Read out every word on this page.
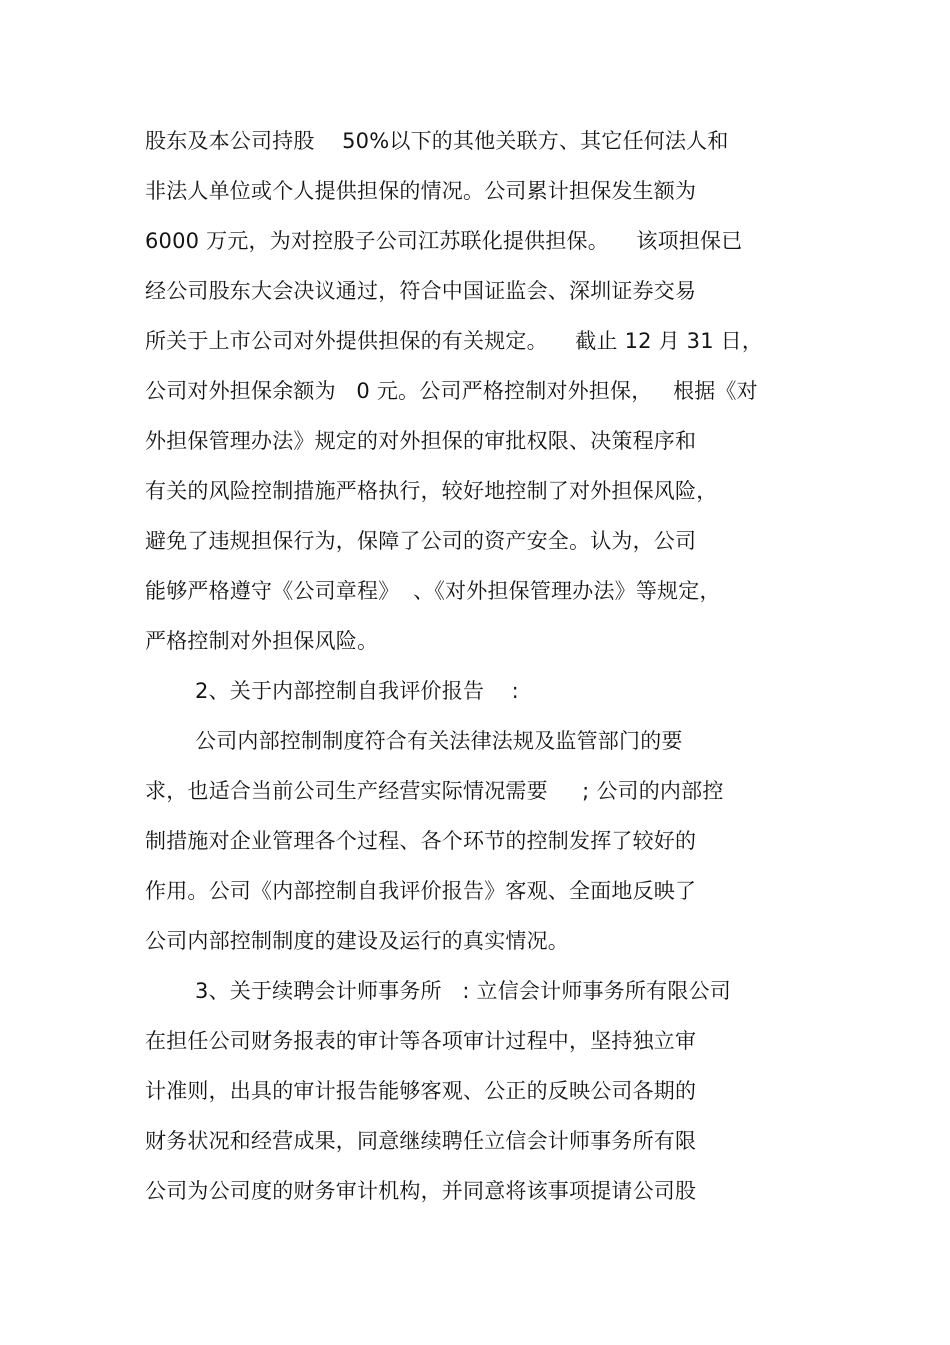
股东及本公司持股    50%以下的其他关联方、其它任何法人和
非法人单位或个人提供担保的情况。公司累计担保发生额为
6000 万元，为对控股子公司江苏联化提供担保。    该项担保已
经公司股东大会决议通过，符合中国证监会、深圳证券交易
所关于上市公司对外提供担保的有关规定。    截止 12 月 31 日，
公司对外担保余额为   0 元。公司严格控制对外担保，   根据《对
外担保管理办法》规定的对外担保的审批权限、决策程序和
有关的风险控制措施严格执行，较好地控制了对外担保风险，
避免了违规担保行为，保障了公司的资产安全。认为，公司
能够严格遵守《公司章程》  、《对外担保管理办法》等规定，
严格控制对外担保风险。
2、关于内部控制自我评价报告    :
公司内部控制制度符合有关法律法规及监管部门的要
求，也适合当前公司生产经营实际情况需要     ; 公司的内部控
制措施对企业管理各个过程、各个环节的控制发挥了较好的
作用。公司《内部控制自我评价报告》客观、全面地反映了
公司内部控制制度的建设及运行的真实情况。
3、关于续聘会计师事务所   : 立信会计师事务所有限公司
在担任公司财务报表的审计等各项审计过程中，坚持独立审
计准则，出具的审计报告能够客观、公正的反映公司各期的
财务状况和经营成果，同意继续聘任立信会计师事务所有限
公司为公司度的财务审计机构，并同意将该事项提请公司股
